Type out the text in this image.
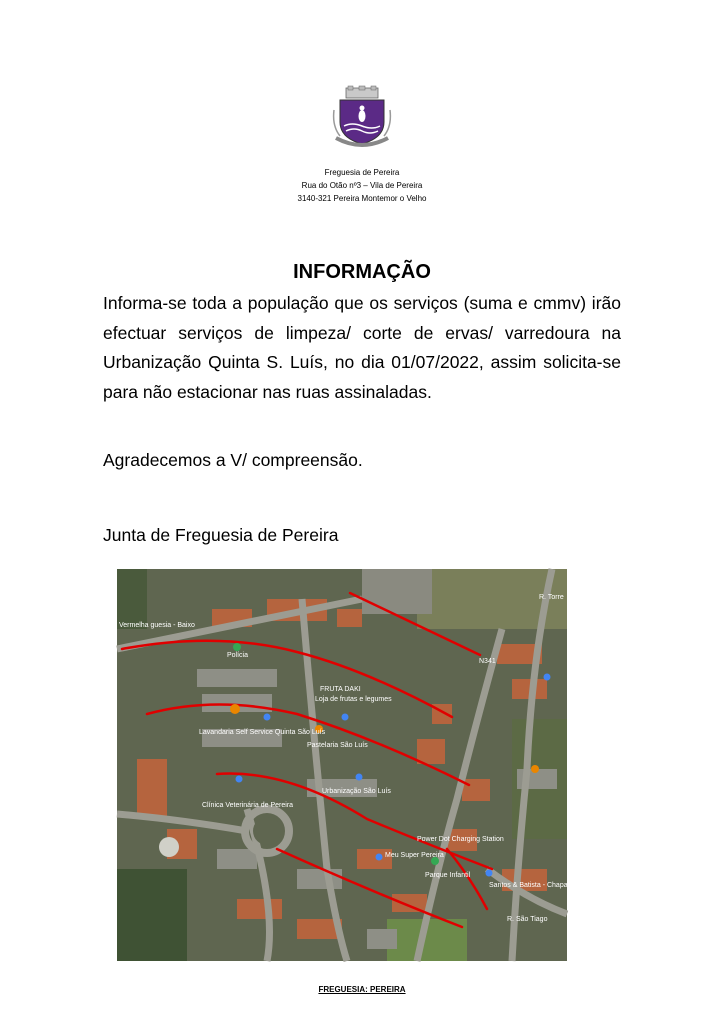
Freguesia de Pereira
Rua do Otão nº3 – Vila de Pereira
3140-321 Pereira Montemor o Velho
INFORMAÇÃO
Informa-se toda a população que os serviços (suma e cmmv) irão efectuar serviços de limpeza/ corte de ervas/ varredoura na Urbanização Quinta S. Luís, no dia 01/07/2022, assim solicita-se para não estacionar nas ruas assinaladas.
Agradecemos a V/ compreensão.
Junta de Freguesia de Pereira
Vermelha guesia - Baixo
Polícia
FRUTA DAKI
Loja de frutas e legumes
Lavandaria Self Service Quinta São Luís
Pastelaria São Luís
Urbanização São Luís
Clínica Veterinária de Pereira
Power Dot Charging Station
Meu Super Pereira
Parque Infantil
Santos & Batista - Chapa Acto
R. São Tiago
R. Torre
N341
FREGUESIA: PEREIRA
